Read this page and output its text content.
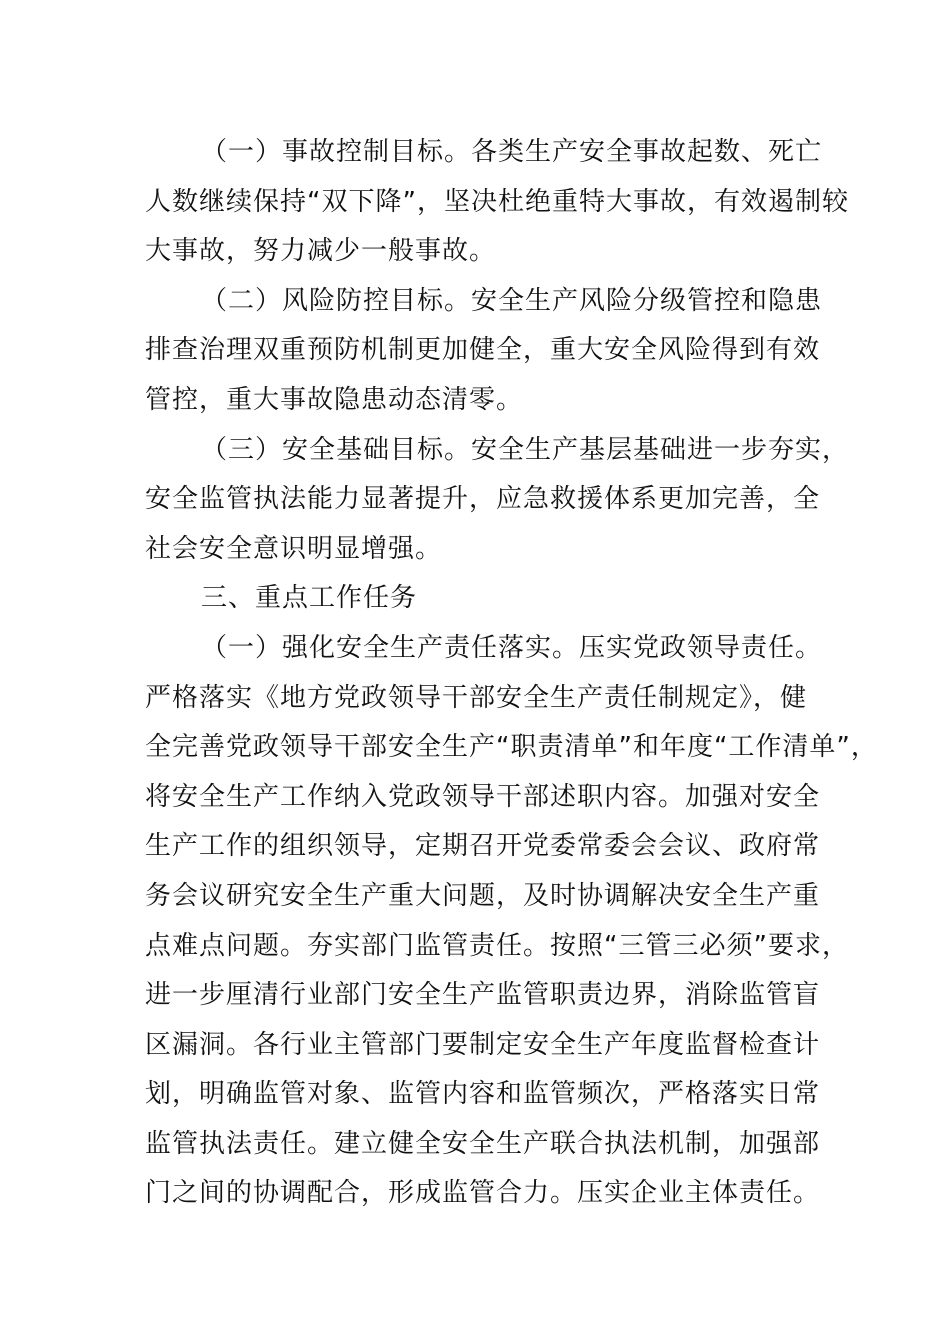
（一）事故控制目标。各类生产安全事故起数、死亡
人数继续保持“双下降”，坚决杜绝重特大事故，有效遏制较
大事故，努力减少一般事故。
（二）风险防控目标。安全生产风险分级管控和隐患
排查治理双重预防机制更加健全，重大安全风险得到有效
管控，重大事故隐患动态清零。
（三）安全基础目标。安全生产基层基础进一步夯实，
安全监管执法能力显著提升，应急救援体系更加完善，全
社会安全意识明显增强。
三、重点工作任务
（一）强化安全生产责任落实。压实党政领导责任。
严格落实《地方党政领导干部安全生产责任制规定》，健
全完善党政领导干部安全生产“职责清单”和年度“工作清单”，
将安全生产工作纳入党政领导干部述职内容。加强对安全
生产工作的组织领导，定期召开党委常委会会议、政府常
务会议研究安全生产重大问题，及时协调解决安全生产重
点难点问题。夯实部门监管责任。按照“三管三必须”要求，
进一步厘清行业部门安全生产监管职责边界，消除监管盲
区漏洞。各行业主管部门要制定安全生产年度监督检查计
划，明确监管对象、监管内容和监管频次，严格落实日常
监管执法责任。建立健全安全生产联合执法机制，加强部
门之间的协调配合，形成监管合力。压实企业主体责任。
